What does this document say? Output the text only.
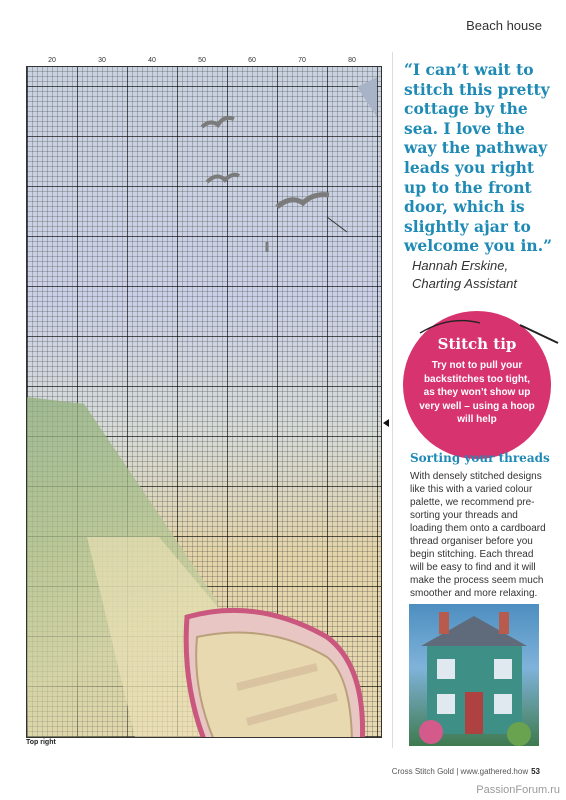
Beach house
20	30	40	50	60	70	80
Top right

“I can’t wait to stitch this pretty cottage by the sea. I love the way the pathway leads you right up to the front door, which is slightly ajar to welcome you in.”

Hannah Erskine,
Charting Assistant
Stitch tip
Try not to pull your backstitches too tight, as they won’t show up very well – using a hoop will help
Sorting your threads
With densely stitched designs like this with a varied colour palette, we recommend pre-sorting your threads and loading them onto a cardboard thread organiser before you begin stitching. Each thread will be easy to find and it will make the process seem much smoother and more relaxing.
Cross Stitch Gold | www.gathered.how 53
PassionForum.ru
